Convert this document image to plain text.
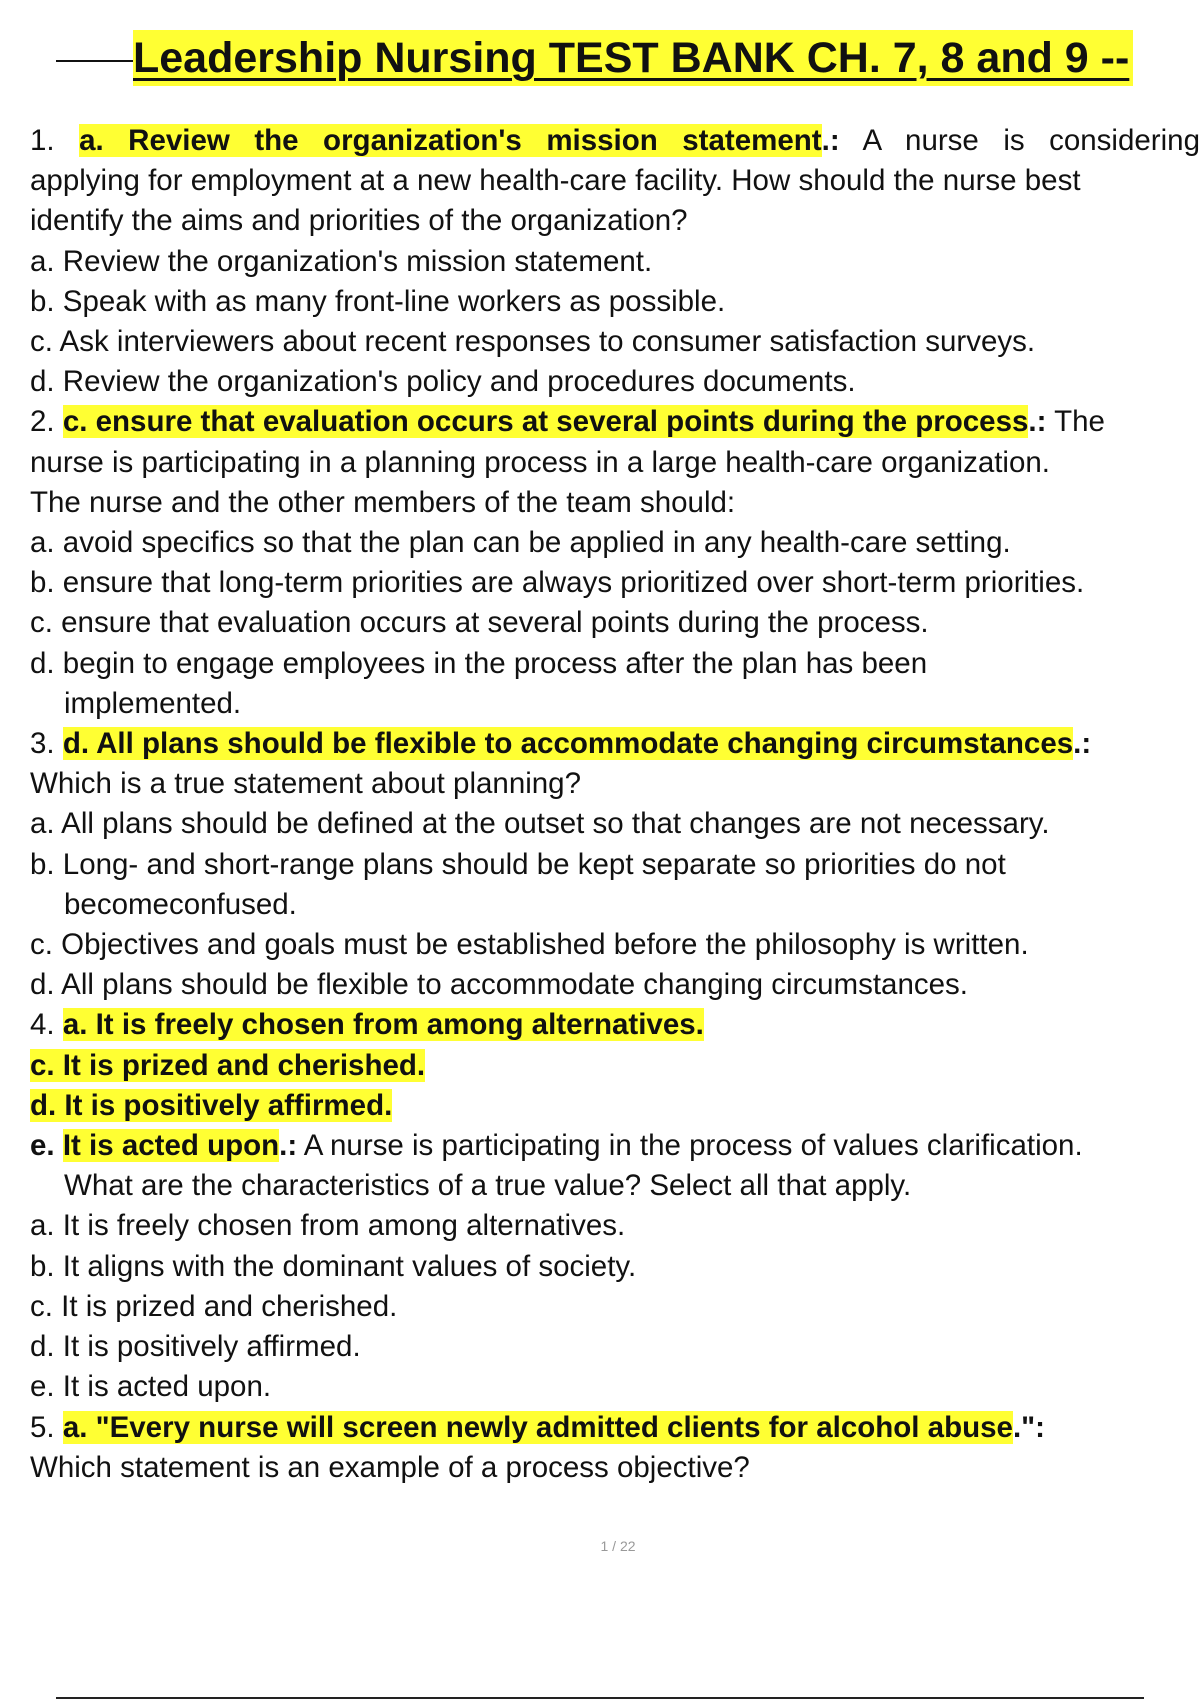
Leadership Nursing TEST BANK CH. 7, 8 and 9 --

1. a. Review the organization's mission statement.: A nurse is considering

applying for employment at a new health-care facility. How should the nurse best

identify the aims and priorities of the organization?

a. Review the organization's mission statement.

b. Speak with as many front-line workers as possible.

c. Ask interviewers about recent responses to consumer satisfaction surveys.

d. Review the organization's policy and procedures documents.

2. c. ensure that evaluation occurs at several points during the process.: The

nurse is participating in a planning process in a large health-care organization.

The nurse and the other members of the team should:

a. avoid specifics so that the plan can be applied in any health-care setting.

b. ensure that long-term priorities are always prioritized over short-term priorities.

c. ensure that evaluation occurs at several points during the process.

d. begin to engage employees in the process after the plan has been

implemented.

3. d. All plans should be flexible to accommodate changing circumstances.:

Which is a true statement about planning?

a. All plans should be defined at the outset so that changes are not necessary.

b. Long- and short-range plans should be kept separate so priorities do not

becomeconfused.

c. Objectives and goals must be established before the philosophy is written.

d. All plans should be flexible to accommodate changing circumstances.

4. a. It is freely chosen from among alternatives.

c. It is prized and cherished.

d. It is positively affirmed.

e. It is acted upon.: A nurse is participating in the process of values clarification.

What are the characteristics of a true value? Select all that apply.

a. It is freely chosen from among alternatives.

b. It aligns with the dominant values of society.

c. It is prized and cherished.

d. It is positively affirmed.

e. It is acted upon.

5. a. "Every nurse will screen newly admitted clients for alcohol abuse.":

Which statement is an example of a process objective?

1 / 22
